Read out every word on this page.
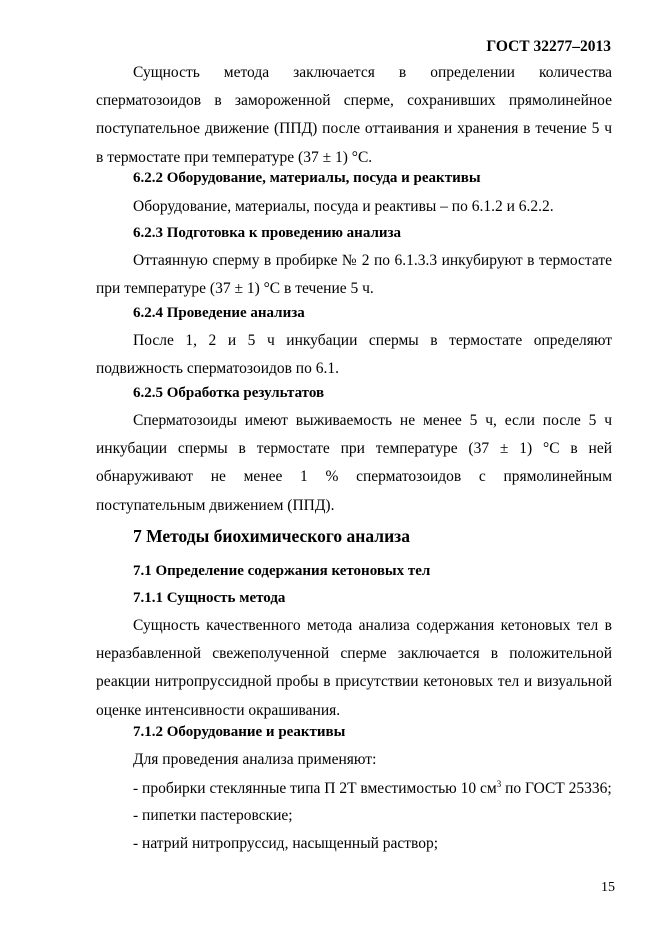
ГОСТ 32277–2013
Сущность метода заключается в определении количества сперматозоидов в замороженной сперме, сохранивших прямолинейное поступательное движение (ППД) после оттаивания и хранения в течение 5 ч в термостате при температуре (37 ± 1) °С.
6.2.2 Оборудование, материалы, посуда и реактивы
Оборудование, материалы, посуда и реактивы – по 6.1.2 и 6.2.2.
6.2.3 Подготовка к проведению анализа
Оттаянную сперму в пробирке № 2 по 6.1.3.3 инкубируют в термостате при температуре (37 ± 1) °С в течение 5 ч.
6.2.4 Проведение анализа
После 1, 2 и 5 ч инкубации спермы в термостате определяют подвижность сперматозоидов по 6.1.
6.2.5 Обработка результатов
Сперматозоиды имеют выживаемость не менее 5 ч, если после 5 ч инкубации спермы в термостате при температуре (37 ± 1) °С в ней обнаруживают не менее 1 % сперматозоидов с прямолинейным поступательным движением (ППД).
7 Методы биохимического анализа
7.1 Определение содержания кетоновых тел
7.1.1 Сущность метода
Сущность качественного метода анализа содержания кетоновых тел в неразбавленной свежеполученной сперме заключается в положительной реакции нитропруссидной пробы в присутствии кетоновых тел и визуальной оценке интенсивности окрашивания.
7.1.2 Оборудование и реактивы
Для проведения анализа применяют:
- пробирки стеклянные типа П 2Т вместимостью 10 $см^3$ по ГОСТ 25336;
- пипетки пастеровские;
- натрий нитропруссид, насыщенный раствор;
15
